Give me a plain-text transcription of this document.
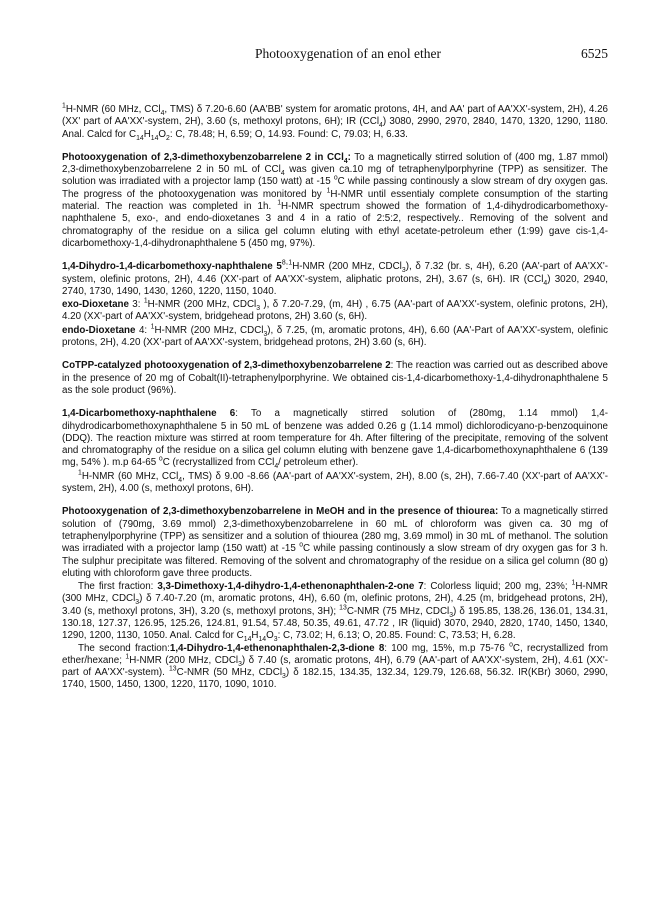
Photooxygenation of an enol ether	6525

$^1$H-NMR (60 MHz, CCl$_4$, TMS) δ 7.20-6.60 (AA'BB' system for aromatic protons, 4H, and AA' part of AA'XX'-system, 2H), 4.26 (XX' part of AA'XX'-system, 2H), 3.60 (s, methoxyl protons, 6H); IR (CCl$_4$) 3080, 2990, 2970, 2840, 1470, 1320, 1290, 1180. Anal. Calcd for $C_{14}H_{14}O_2$: C, 78.48; H, 6.59; O, 14.93. Found: C, 79.03; H, 6.33.

Photooxygenation of 2,3-dimethoxybenzobarrelene 2 in CCl$_4$: To a magnetically stirred solution of (400 mg, 1.87 mmol) 2,3-dimethoxybenzobarrelene 2 in 50 mL of CCl$_4$ was given ca.10 mg of tetraphenylporphyrine (TPP) as sensitizer. The solution was irradiated with a projector lamp (150 watt) at -15 $^o$C while passing continously a slow stream of dry oxygen gas. The progress of the photooxygenation was monitored by $^1$H-NMR until essentialy complete consumption of the starting material. The reaction was completed in 1h. $^1$H-NMR spectrum showed the formation of 1,4-dihydrodicarbomethoxy-naphthalene 5, exo-, and endo-dioxetanes 3 and 4 in a ratio of 2:5:2, respectively.. Removing of the solvent and chromatography of the residue on a silica gel column eluting with ethyl acetate-petroleum ether (1:99) gave cis-1,4-dicarbomethoxy-1,4-dihydronaphthalene 5 (450 mg, 97%).

1,4-Dihydro-1,4-dicarbomethoxy-naphthalene $5^8:^1H$-NMR (200 MHz, CDCl$_3$), δ 7.32 (br. s, 4H), 6.20 (AA'-part of AA'XX'-system, olefinic protons, 2H), 4.46 (XX'-part of AA'XX'-system, aliphatic protons, 2H), 3.67 (s, 6H). IR (CCl$_4$) 3020, 2940, 2740, 1730, 1490, 1430, 1260, 1220, 1150, 1040.

exo-Dioxetane 3: $^1$H-NMR (200 MHz, CDCl$_3$ ), δ 7.20-7.29, (m, 4H) , 6.75 (AA'-part of AA'XX'-system, olefinic protons, 2H), 4.20 (XX'-part of AA'XX'-system, bridgehead protons, 2H) 3.60 (s, 6H).

endo-Dioxetane 4: $^1$H-NMR (200 MHz, CDCl$_3$), δ 7.25, (m, aromatic protons, 4H), 6.60 (AA'-Part of AA'XX'-system, olefinic protons, 2H), 4.20 (XX'-part of AA'XX'-system, bridgehead protons, 2H) 3.60 (s, 6H).

CoTPP-catalyzed photooxygenation of 2,3-dimethoxybenzobarrelene 2: The reaction was carried out as described above in the presence of 20 mg of Cobalt(II)-tetraphenylporphyrine. We obtained cis-1,4-dicarbomethoxy-1,4-dihydronaphthalene 5 as the sole product (96%).

1,4-Dicarbomethoxy-naphthalene 6: To a magnetically stirred solution of (280mg, 1.14 mmol) 1,4-dihydrodicarbomethoxynaphthalene 5 in 50 mL of benzene was added 0.26 g (1.14 mmol) dichlorodicyano-p-benzoquinone (DDQ). The reaction mixture was stirred at room temperature for 4h. After filtering of the precipitate, removing of the solvent and chromatography of the residue on a silica gel column eluting with benzene gave 1,4-dicarbomethoxynaphthalene 6 (139 mg, 54% ). m.p 64-65 $^o$C (recrystallized from CCl$_4$/ petroleum ether).

$^1$H-NMR (60 MHz, CCl$_4$, TMS) δ 9.00 -8.66 (AA'-part of AA'XX'-system, 2H), 8.00 (s, 2H), 7.66-7.40 (XX'-part of AA'XX'-system, 2H), 4.00 (s, methoxyl protons, 6H).

Photooxygenation of 2,3-dimethoxybenzobarrelene in MeOH and in the presence of thiourea: To a magnetically stirred solution of (790mg, 3.69 mmol) 2,3-dimethoxybenzobarrelene in 60 mL of chloroform was given ca. 30 mg of tetraphenylporphyrine (TPP) as sensitizer and a solution of thiourea (280 mg, 3.69 mmol) in 30 mL of methanol. The solution was irradiated with a projector lamp (150 watt) at -15 $^o$C while passing continously a slow stream of dry oxygen gas for 3 h. The sulphur precipitate was filtered. Removing of the solvent and chromatography of the residue on a silica gel column (80 g) eluting with chloroform gave three products.

The first fraction: 3,3-Dimethoxy-1,4-dihydro-1,4-ethenonaphthalen-2-one 7: Colorless liquid; 200 mg, 23%; $^1$H-NMR (300 MHz, CDCl$_3$) δ 7.40-7.20 (m, aromatic protons, 4H), 6.60 (m, olefinic protons, 2H), 4.25 (m, bridgehead protons, 2H), 3.40 (s, methoxyl protons, 3H), 3.20 (s, methoxyl protons, 3H); $^{13}$C-NMR (75 MHz, CDCl$_3$) δ 195.85, 138.26, 136.01, 134.31, 130.18, 127.37, 126.95, 125.26, 124.81, 91.54, 57.48, 50.35, 49.61, 47.72 , IR (liquid) 3070, 2940, 2820, 1740, 1450, 1340, 1290, 1200, 1130, 1050. Anal. Calcd for $C_{14}H_{14}O_3$: C, 73.02; H, 6.13; O, 20.85. Found: C, 73.53; H, 6.28.

The second fraction:1,4-Dihydro-1,4-ethenonaphthalen-2,3-dione 8: 100 mg, 15%, m.p 75-76 $^o$C, recrystallized from ether/hexane; $^1$H-NMR (200 MHz, CDCl$_3$) δ 7.40 (s, aromatic protons, 4H), 6.79 (AA'-part of AA'XX'-system, 2H), 4.61 (XX'-part of AA'XX'-system). $^{13}$C-NMR (50 MHz, CDCl$_3$) δ 182.15, 134.35, 132.34, 129.79, 126.68, 56.32. IR(KBr) 3060, 2990, 1740, 1500, 1450, 1300, 1220, 1170, 1090, 1010.
